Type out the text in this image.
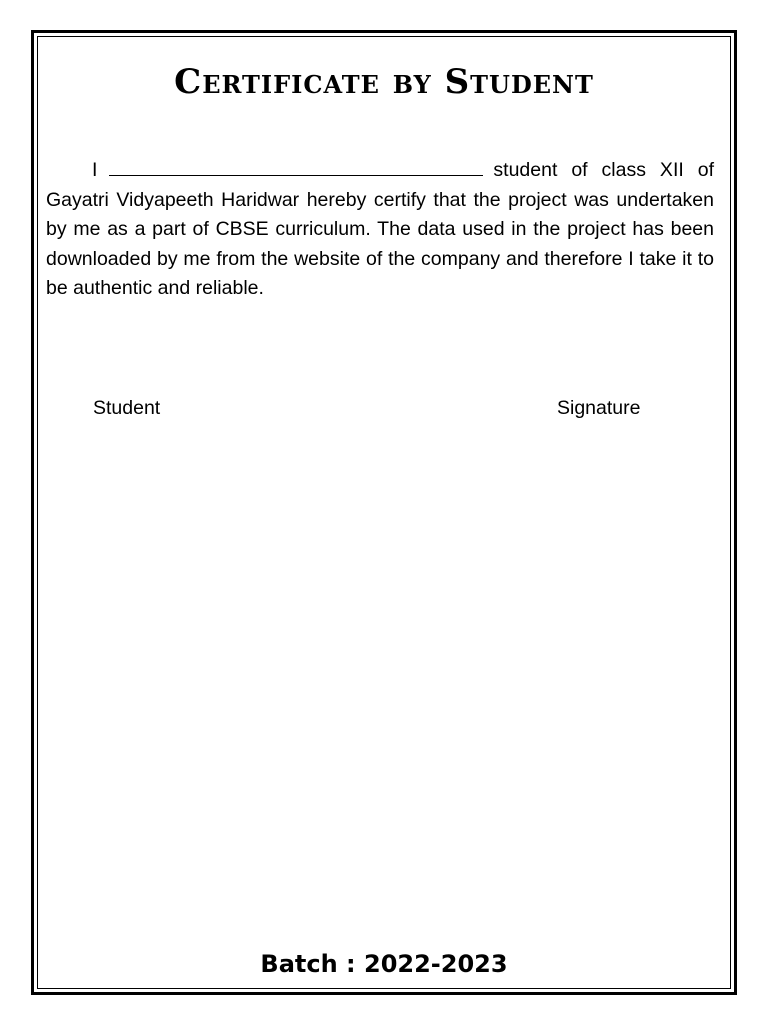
Certificate by Student

I	student of class XII of Gayatri Vidyapeeth Haridwar hereby certify that the project was undertaken by me as a part of CBSE curriculum. The data used in the project has been downloaded by me from the website of the company and therefore I take it to be authentic and reliable.

Student	Signature

Batch : 2022-2023
